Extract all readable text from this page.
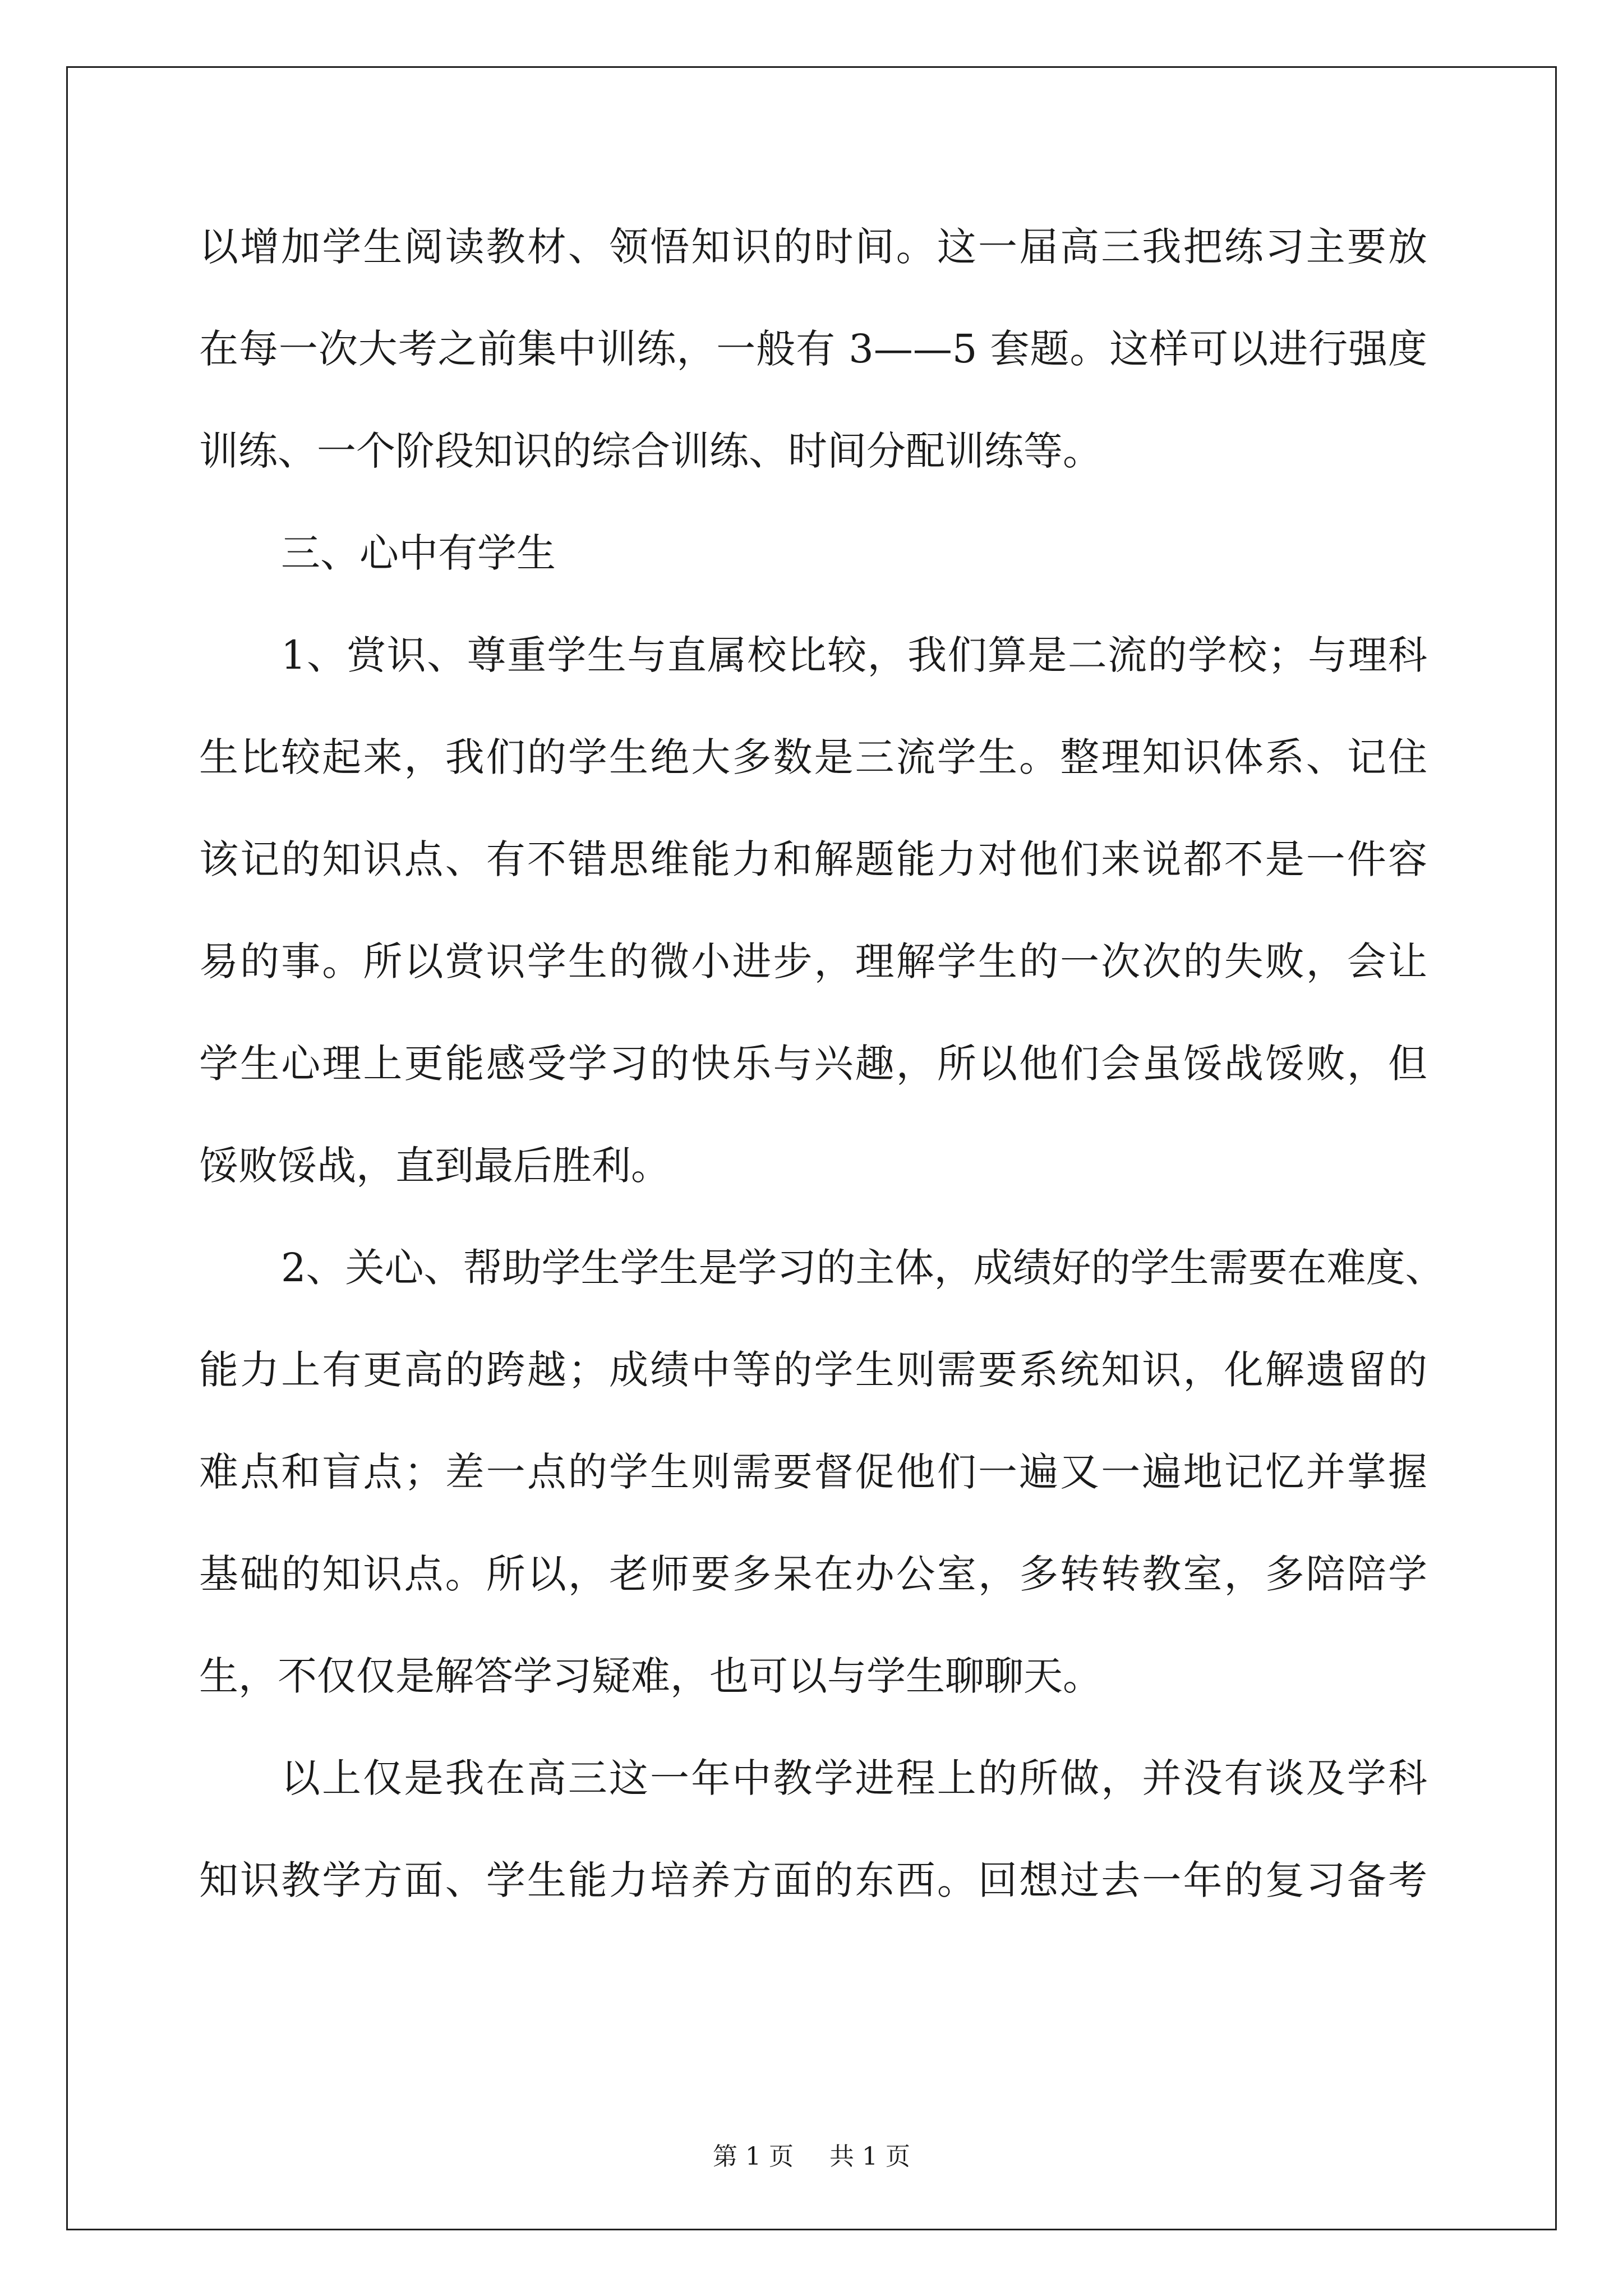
以增加学生阅读教材、领悟知识的时间。这一届高三我把练习主要放
在每一次大考之前集中训练，一般有 3——5 套题。这样可以进行强度
训练、一个阶段知识的综合训练、时间分配训练等。
三、心中有学生
1、赏识、尊重学生与直属校比较，我们算是二流的学校；与理科
生比较起来，我们的学生绝大多数是三流学生。整理知识体系、记住
该记的知识点、有不错思维能力和解题能力对他们来说都不是一件容
易的事。所以赏识学生的微小进步，理解学生的一次次的失败，会让
学生心理上更能感受学习的快乐与兴趣，所以他们会虽馁战馁败，但
馁败馁战，直到最后胜利。
2、关心、帮助学生学生是学习的主体，成绩好的学生需要在难度、
能力上有更高的跨越；成绩中等的学生则需要系统知识，化解遗留的
难点和盲点；差一点的学生则需要督促他们一遍又一遍地记忆并掌握
基础的知识点。所以，老师要多呆在办公室，多转转教室，多陪陪学
生，不仅仅是解答学习疑难，也可以与学生聊聊天。
以上仅是我在高三这一年中教学进程上的所做，并没有谈及学科
知识教学方面、学生能力培养方面的东西。回想过去一年的复习备考
第 1 页 共 1 页
